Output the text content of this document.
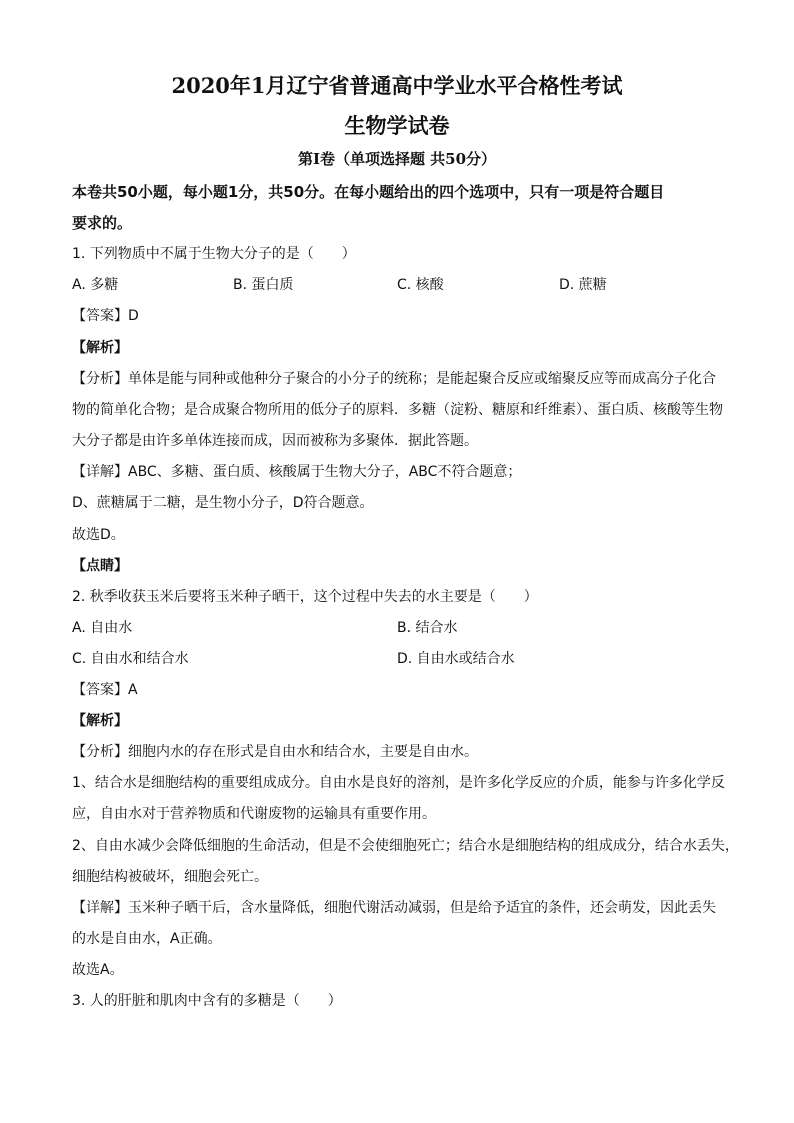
2020年1月辽宁省普通高中学业水平合格性考试
生物学试卷
第I卷（单项选择题 共50分）
本卷共50小题，每小题1分，共50分。在每小题给出的四个选项中，只有一项是符合题目
要求的。
1. 下列物质中不属于生物大分子的是（　　）
A. 多糖	B. 蛋白质	C. 核酸	D. 蔗糖
【答案】D
【解析】
【分析】单体是能与同种或他种分子聚合的小分子的统称；是能起聚合反应或缩聚反应等而成高分子化合
物的简单化合物；是合成聚合物所用的低分子的原料．多糖（淀粉、糖原和纤维素）、蛋白质、核酸等生物
大分子都是由许多单体连接而成，因而被称为多聚体．据此答题。
【详解】ABC、多糖、蛋白质、核酸属于生物大分子，ABC不符合题意；
D、蔗糖属于二糖，是生物小分子，D符合题意。
故选D。
【点睛】
2. 秋季收获玉米后要将玉米种子晒干，这个过程中失去的水主要是（　　）
A. 自由水	B. 结合水
C. 自由水和结合水	D. 自由水或结合水
【答案】A
【解析】
【分析】细胞内水的存在形式是自由水和结合水，主要是自由水。
1、结合水是细胞结构的重要组成成分。自由水是良好的溶剂，是许多化学反应的介质，能参与许多化学反
应，自由水对于营养物质和代谢废物的运输具有重要作用。
2、自由水减少会降低细胞的生命活动，但是不会使细胞死亡；结合水是细胞结构的组成成分，结合水丢失，
细胞结构被破坏，细胞会死亡。
【详解】玉米种子晒干后，含水量降低，细胞代谢活动减弱，但是给予适宜的条件，还会萌发，因此丢失
的水是自由水，A正确。
故选A。
3. 人的肝脏和肌肉中含有的多糖是（　　）
